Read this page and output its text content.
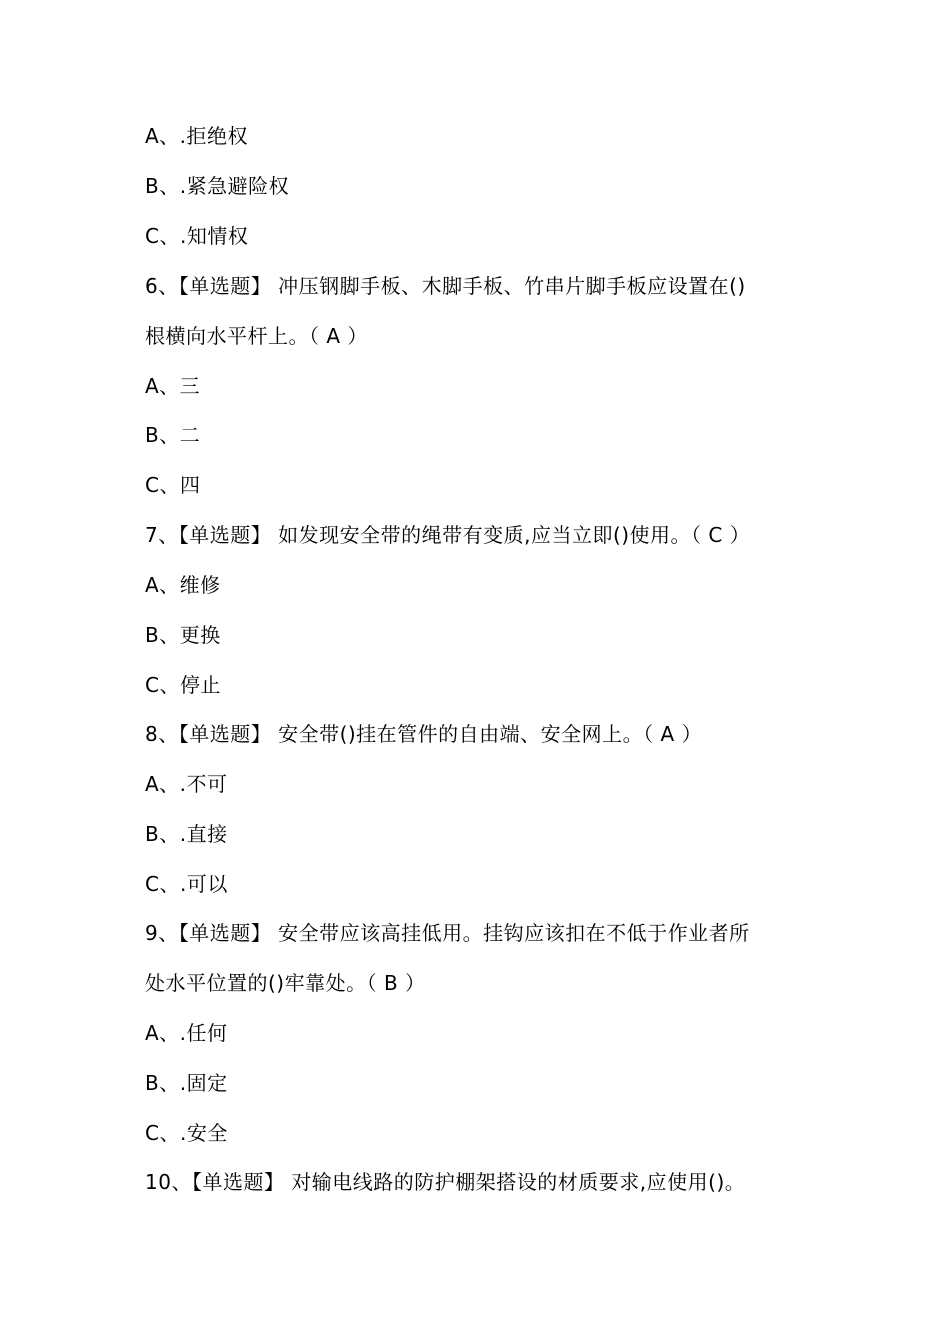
A、.拒绝权
B、.紧急避险权
C、.知情权
6、【单选题】 冲压钢脚手板、木脚手板、竹串片脚手板应设置在()
根横向水平杆上。（ A ）
A、三
B、二
C、四
7、【单选题】 如发现安全带的绳带有变质,应当立即()使用。（ C ）
A、维修
B、更换
C、停止
8、【单选题】 安全带()挂在管件的自由端、安全网上。（ A ）
A、.不可
B、.直接
C、.可以
9、【单选题】 安全带应该高挂低用。挂钩应该扣在不低于作业者所
处水平位置的()牢靠处。（ B ）
A、.任何
B、.固定
C、.安全
10、【单选题】 对输电线路的防护棚架搭设的材质要求,应使用()。
